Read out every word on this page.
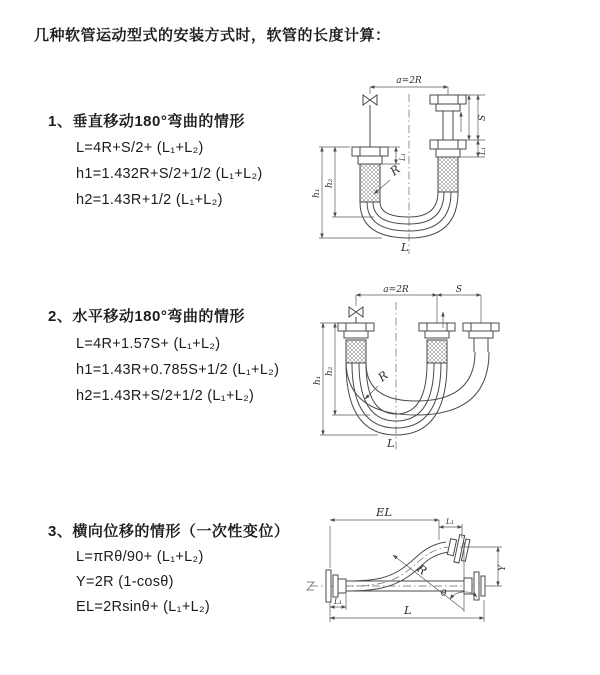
几种软管运动型式的安装方式时，软管的长度计算：
1、垂直移动180°弯曲的情形
L=4R+S/2+ (L₁+L₂)
h1=1.432R+S/2+1/2 (L₁+L₂)
h2=1.43R+1/2 (L₁+L₂)
2、水平移动180°弯曲的情形
L=4R+1.57S+ (L₁+L₂)
h1=1.43R+0.785S+1/2 (L₁+L₂)
h2=1.43R+S/2+1/2 (L₁+L₂)
3、横向位移的情形（一次性变位）
L=πRθ/90+ (L₁+L₂)
Y=2R (1-cosθ)
EL=2Rsinθ+ (L₁+L₂)
a=2R
h₁
h₂
L₁
S
L₁
R
L
a=2R	S
h₁
h₂	R
L
EL
L₁
Y
θ
R
L
L₁
